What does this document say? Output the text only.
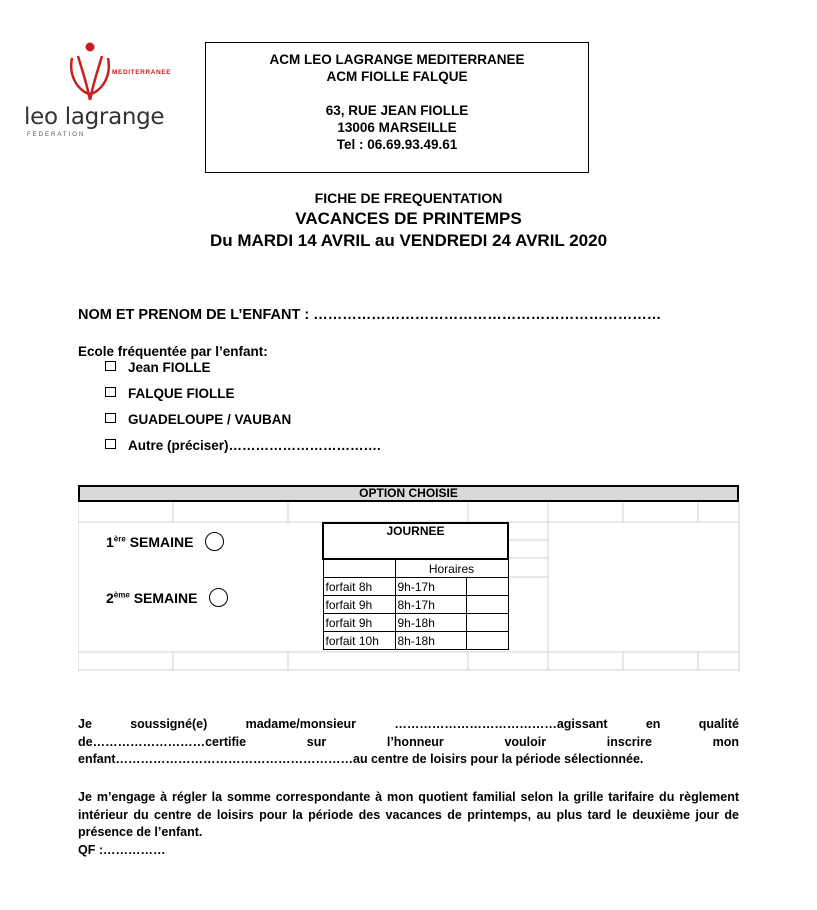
MEDITERRANEE
leo lagrange
FEDERATION
ACM LEO LAGRANGE MEDITERRANEE
ACM FIOLLE FALQUE
63, RUE JEAN FIOLLE
13006 MARSEILLE
Tel : 06.69.93.49.61
FICHE DE FREQUENTATION
VACANCES DE PRINTEMPS
Du MARDI 14 AVRIL au VENDREDI 24 AVRIL 2020
NOM ET PRENOM DE L’ENFANT : ………………………………………………………………
Ecole fréquentée par l’enfant:
Jean FIOLLE
FALQUE FIOLLE
GUADELOUPE / VAUBAN
Autre (préciser)…………………………….
OPTION CHOISIE
1ère SEMAINE
2ème SEMAINE
JOURNEE		
	Horaires	
forfait 8h	9h-17h	
forfait 9h	8h-17h	
forfait 9h	9h-18h	
forfait 10h	8h-18h	
Je soussigné(e) madame/monsieur …………………………………agissant en qualité
de………………………certifie sur l’honneur vouloir inscrire mon
enfant…………………………………………………au centre de loisirs pour la période sélectionnée.
Je m’engage à régler la somme correspondante à mon quotient familial selon la grille tarifaire du règlement intérieur du centre de loisirs pour la période des vacances de printemps, au plus tard le deuxième jour de présence de l’enfant.
QF :……………
